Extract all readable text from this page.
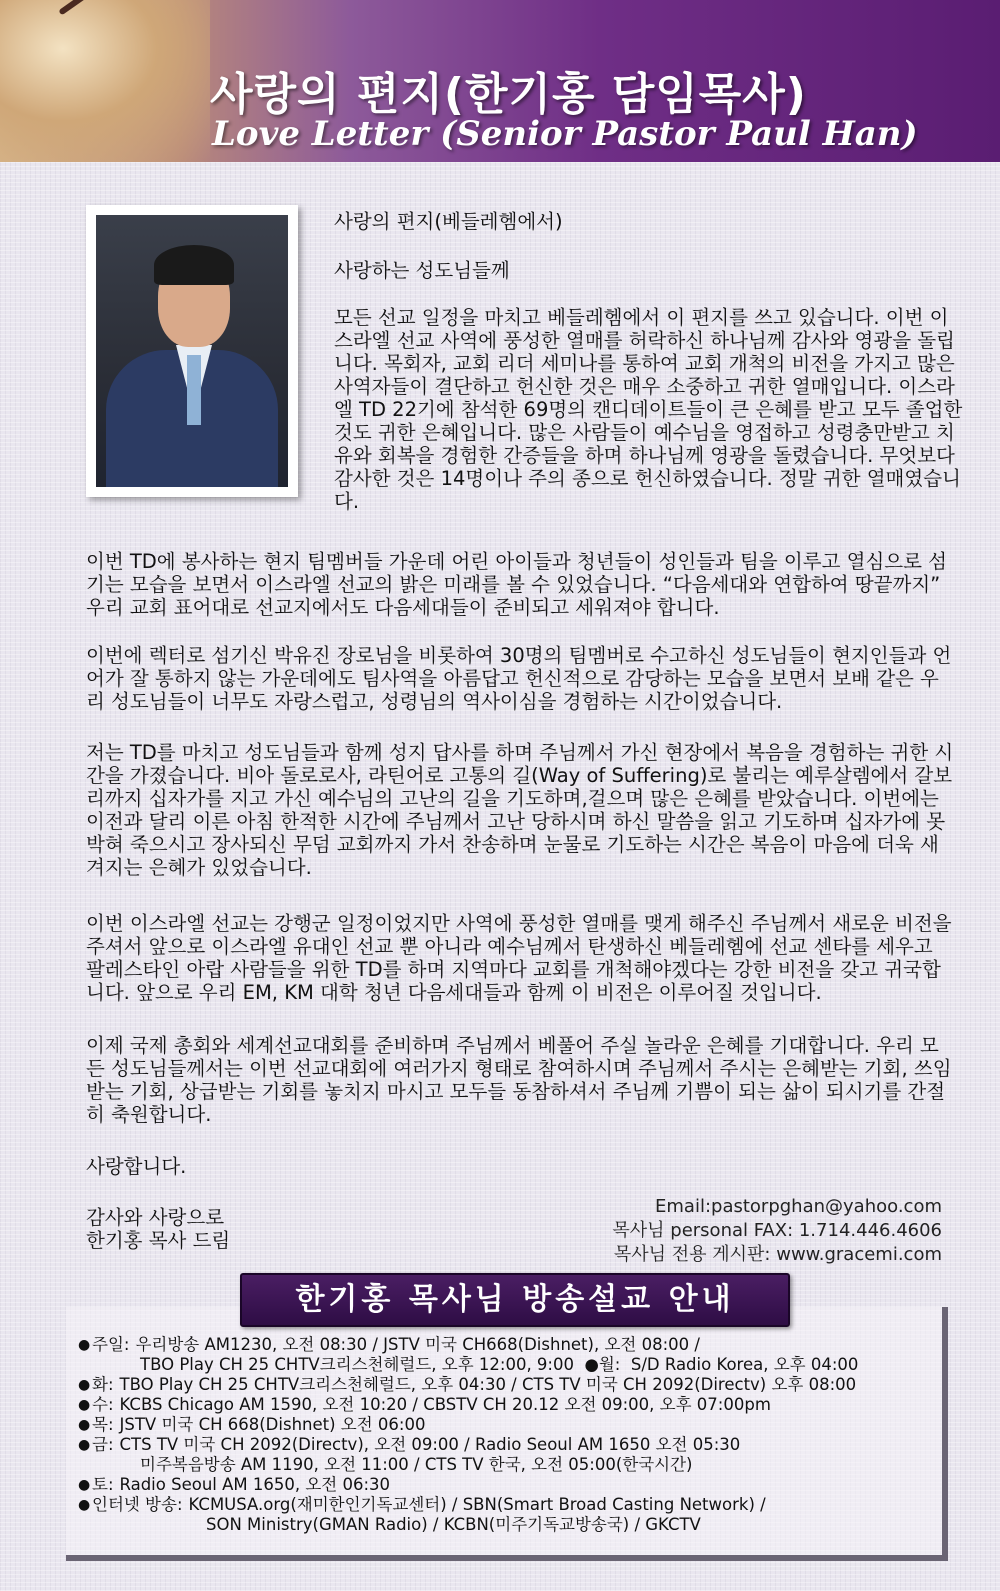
사랑의 편지(한기홍 담임목사)
Love Letter (Senior Pastor Paul Han)
사랑의 편지(베들레헴에서)
사랑하는 성도님들께
모든 선교 일정을 마치고 베들레헴에서 이 편지를 쓰고 있습니다. 이번 이스라엘 선교 사역에 풍성한 열매를 허락하신 하나님께 감사와 영광을 돌립니다. 목회자, 교회 리더 세미나를 통하여 교회 개척의 비전을 가지고 많은 사역자들이 결단하고 헌신한 것은 매우 소중하고 귀한 열매입니다. 이스라엘 TD 22기에 참석한 69명의 캔디데이트들이 큰 은혜를 받고 모두 졸업한 것도 귀한 은혜입니다. 많은 사람들이 예수님을 영접하고 성령충만받고 치유와 회복을 경험한 간증들을 하며 하나님께 영광을 돌렸습니다. 무엇보다 감사한 것은 14명이나 주의 종으로 헌신하였습니다. 정말 귀한 열매였습니다.
이번 TD에 봉사하는 현지 팀멤버들 가운데 어린 아이들과 청년들이 성인들과 팀을 이루고 열심으로 섬기는 모습을 보면서 이스라엘 선교의 밝은 미래를 볼 수 있었습니다. “다음세대와 연합하여 땅끝까지” 우리 교회 표어대로 선교지에서도 다음세대들이 준비되고 세워져야 합니다.
이번에 렉터로 섬기신 박유진 장로님을 비롯하여 30명의 팀멤버로 수고하신 성도님들이 현지인들과 언어가 잘 통하지 않는 가운데에도 팀사역을 아름답고 헌신적으로 감당하는 모습을 보면서 보배 같은 우리 성도님들이 너무도 자랑스럽고, 성령님의 역사이심을 경험하는 시간이었습니다.
저는 TD를 마치고 성도님들과 함께 성지 답사를 하며 주님께서 가신 현장에서 복음을 경험하는 귀한 시간을 가졌습니다. 비아 돌로로사, 라틴어로 고통의 길(Way of Suffering)로 불리는 예루살렘에서 갈보리까지 십자가를 지고 가신 예수님의 고난의 길을 기도하며,걸으며 많은 은혜를 받았습니다. 이번에는 이전과 달리 이른 아침 한적한 시간에 주님께서 고난 당하시며 하신 말씀을 읽고 기도하며 십자가에 못박혀 죽으시고 장사되신 무덤 교회까지 가서 찬송하며 눈물로 기도하는 시간은 복음이 마음에 더욱 새겨지는 은혜가 있었습니다.
이번 이스라엘 선교는 강행군 일정이었지만 사역에 풍성한 열매를 맺게 해주신 주님께서 새로운 비전을 주셔서 앞으로 이스라엘 유대인 선교 뿐 아니라 예수님께서 탄생하신 베들레헴에 선교 센타를 세우고 팔레스타인 아랍 사람들을 위한 TD를 하며 지역마다 교회를 개척해야겠다는 강한 비전을 갖고 귀국합니다. 앞으로 우리 EM, KM 대학 청년 다음세대들과 함께 이 비전은 이루어질 것입니다.
이제 국제 총회와 세계선교대회를 준비하며 주님께서 베풀어 주실 놀라운 은혜를 기대합니다. 우리 모든 성도님들께서는 이번 선교대회에 여러가지 형태로 참여하시며 주님께서 주시는 은혜받는 기회, 쓰임받는 기회, 상급받는 기회를 놓치지 마시고 모두들 동참하셔서 주님께 기쁨이 되는 삶이 되시기를 간절히 축원합니다.
사랑합니다.

감사와 사랑으로

한기홍 목사 드림

Email:pastorpghan@yahoo.com
목사님 personal FAX: 1.714.446.4606
목사님 전용 게시판: www.gracemi.com
한기홍 목사님 방송설교 안내
● 주일: 우리방송 AM1230, 오전 08:30 / JSTV 미국 CH668(Dishnet), 오전 08:00 /
TBO Play CH 25 CHTV크리스천헤럴드, 오후 12:00, 9:00  ●월:  S/D Radio Korea, 오후 04:00
● 화: TBO Play CH 25 CHTV크리스천헤럴드, 오후 04:30 / CTS TV 미국 CH 2092(Directv) 오후 08:00
● 수: KCBS Chicago AM 1590, 오전 10:20 / CBSTV CH 20.12 오전 09:00, 오후 07:00pm
● 목: JSTV 미국 CH 668(Dishnet) 오전 06:00
● 금: CTS TV 미국 CH 2092(Directv), 오전 09:00 / Radio Seoul AM 1650 오전 05:30
미주복음방송 AM 1190, 오전 11:00 / CTS TV 한국, 오전 05:00(한국시간)
● 토: Radio Seoul AM 1650, 오전 06:30
● 인터넷 방송: KCMUSA.org(재미한인기독교센터) / SBN(Smart Broad Casting Network) /
SON Ministry(GMAN Radio) / KCBN(미주기독교방송국) / GKCTV
